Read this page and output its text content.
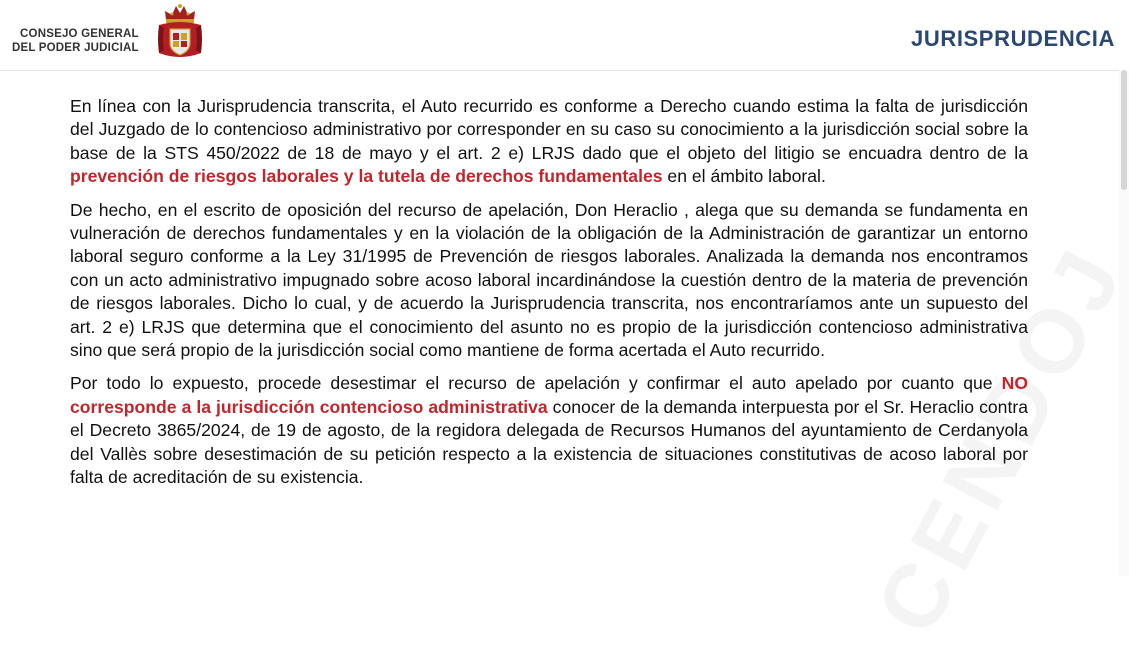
CONSEJO GENERAL
DEL PODER JUDICIAL	JURISPRUDENCIA

En línea con la Jurisprudencia transcrita, el Auto recurrido es conforme a Derecho cuando estima la falta de jurisdicción del Juzgado de lo contencioso administrativo por corresponder en su caso su conocimiento a la jurisdicción social sobre la base de la STS 450/2022 de 18 de mayo y el art. 2 e) LRJS dado que el objeto del litigio se encuadra dentro de la prevención de riesgos laborales y la tutela de derechos fundamentales en el ámbito laboral.

De hecho, en el escrito de oposición del recurso de apelación, Don Heraclio , alega que su demanda se fundamenta en vulneración de derechos fundamentales y en la violación de la obligación de la Administración de garantizar un entorno laboral seguro conforme a la Ley 31/1995 de Prevención de riesgos laborales. Analizada la demanda nos encontramos con un acto administrativo impugnado sobre acoso laboral incardinándose la cuestión dentro de la materia de prevención de riesgos laborales. Dicho lo cual, y de acuerdo la Jurisprudencia transcrita, nos encontraríamos ante un supuesto del art. 2 e) LRJS que determina que el conocimiento del asunto no es propio de la jurisdicción contencioso administrativa sino que será propio de la jurisdicción social como mantiene de forma acertada el Auto recurrido.

Por todo lo expuesto, procede desestimar el recurso de apelación y confirmar el auto apelado por cuanto que NO corresponde a la jurisdicción contencioso administrativa conocer de la demanda interpuesta por el Sr. Heraclio contra el Decreto 3865/2024, de 19 de agosto, de la regidora delegada de Recursos Humanos del ayuntamiento de Cerdanyola del Vallès sobre desestimación de su petición respecto a la existencia de situaciones constitutivas de acoso laboral por falta de acreditación de su existencia.
